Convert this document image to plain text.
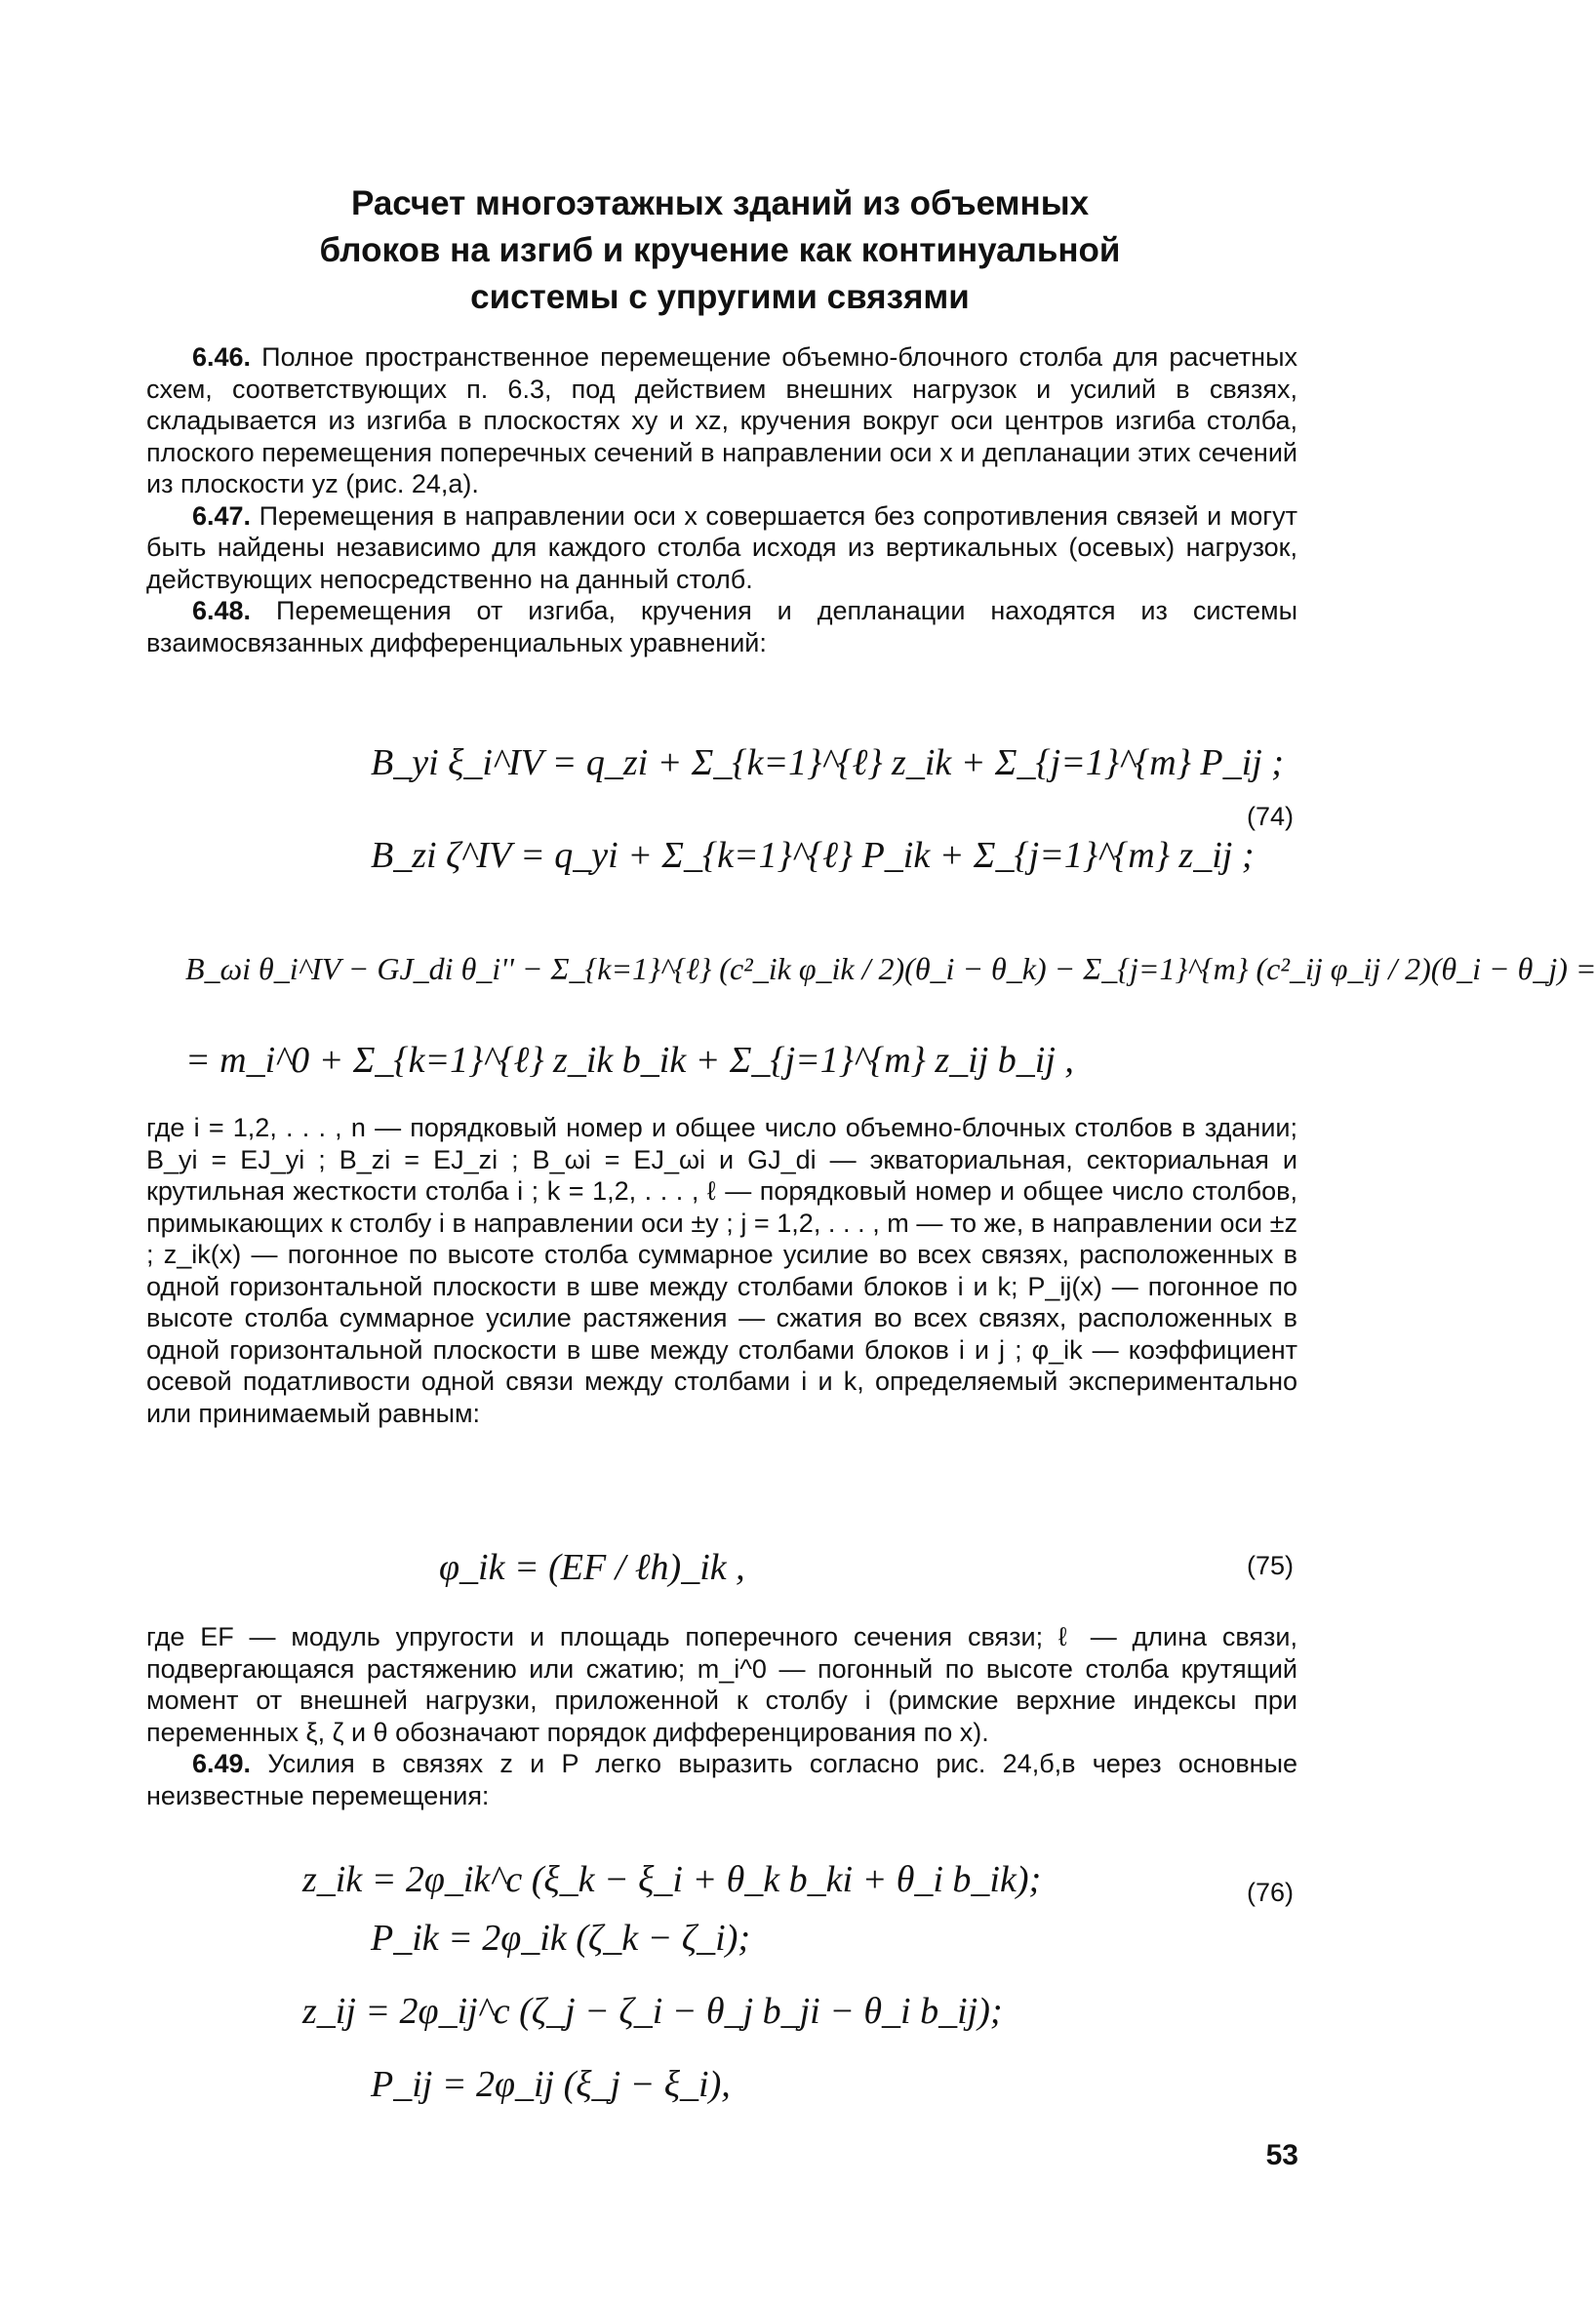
Расчет многоэтажных зданий из объемных
блоков на изгиб и кручение как континуальной
системы с упругими связями

6.46. Полное пространственное перемещение объемно-блочного столба для расчетных схем, соответствующих п. 6.3, под действием внешних нагрузок и усилий в связях, складывается из изгиба в плоскостях xy и xz, кручения вокруг оси центров изгиба столба, плоского перемещения поперечных сечений в направлении оси x и депланации этих сечений из плоскости yz (рис. 24,а).

6.47. Перемещения в направлении оси x совершается без сопротивления связей и могут быть найдены независимо для каждого столба исходя из вертикальных (осевых) нагрузок, действующих непосредственно на данный столб.

6.48. Перемещения от изгиба, кручения и депланации находятся из системы взаимосвязанных дифференциальных уравнений:

B_yi ξ_i^IV = q_zi + Σ_{k=1}^{ℓ} z_ik + Σ_{j=1}^{m} P_ij ;
B_zi ζ^IV = q_yi + Σ_{k=1}^{ℓ} P_ik + Σ_{j=1}^{m} z_ij ;
(74)
B_ωi θ_i^IV − GJ_di θ_i'' − Σ_{k=1}^{ℓ} (c²_ik φ_ik / 2)(θ_i − θ_k) − Σ_{j=1}^{m} (c²_ij φ_ij / 2)(θ_i − θ_j) =
= m_i^0 + Σ_{k=1}^{ℓ} z_ik b_ik + Σ_{j=1}^{m} z_ij b_ij ,

где i = 1,2, . . . , n — порядковый номер и общее число объемно-блочных столбов в здании; B_yi = EJ_yi ; B_zi = EJ_zi ; B_ωi = EJ_ωi и GJ_di — экваториальная, секториальная и крутильная жесткости столба i ; k = 1,2, . . . , ℓ — порядковый номер и общее число столбов, примыкающих к столбу i в направлении оси ±y ; j = 1,2, . . . , m — то же, в направлении оси ±z ; z_ik(x) — погонное по высоте столба суммарное усилие во всех связях, расположенных в одной горизонтальной плоскости в шве между столбами блоков i и k; P_ij(x) — погонное по высоте столба суммарное усилие растяжения — сжатия во всех связях, расположенных в одной горизонтальной плоскости в шве между столбами блоков i и j ; φ_ik — коэффициент осевой податливости одной связи между столбами i и k, определяемый экспериментально или принимаемый равным:

φ_ik = (EF / ℓh)_ik ,	(75)

где EF — модуль упругости и площадь поперечного сечения связи; ℓ — длина связи, подвергающаяся растяжению или сжатию; m_i^0 — погонный по высоте столба крутящий момент от внешней нагрузки, приложенной к столбу i (римские верхние индексы при переменных ξ, ζ и θ обозначают порядок дифференцирования по x).

6.49. Усилия в связях z и P легко выразить согласно рис. 24,б,в через основные неизвестные перемещения:

z_ik = 2φ_ik^c (ξ_k − ξ_i + θ_k b_ki + θ_i b_ik);	(76)
P_ik = 2φ_ik (ζ_k − ζ_i);
z_ij = 2φ_ij^c (ζ_j − ζ_i − θ_j b_ji − θ_i b_ij);
P_ij = 2φ_ij (ξ_j − ξ_i),
53
